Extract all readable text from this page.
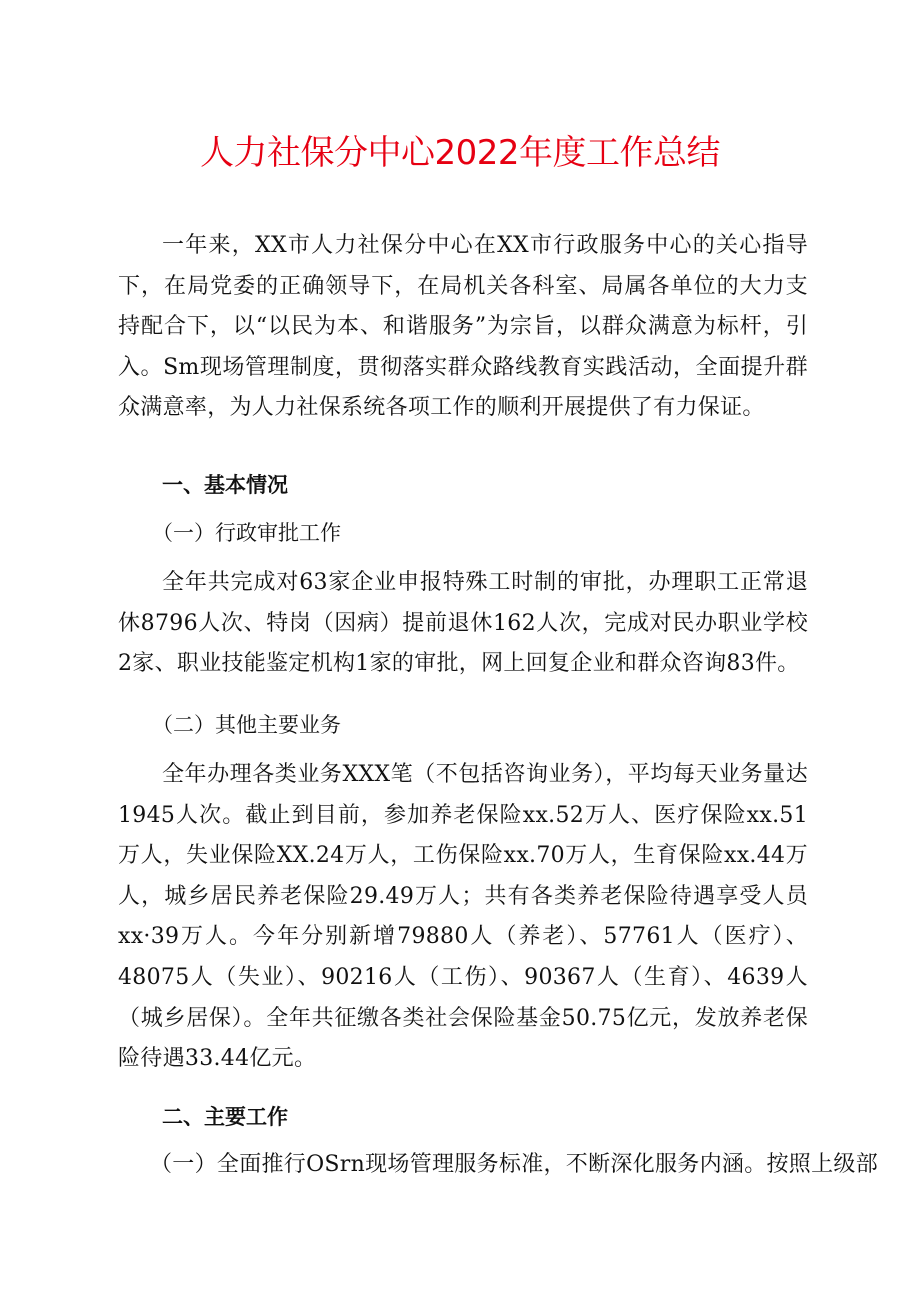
人力社保分中心2022年度工作总结
一年来，XX市人力社保分中心在XX市行政服务中心的关心指导下，在局党委的正确领导下，在局机关各科室、局属各单位的大力支持配合下，以“以民为本、和谐服务”为宗旨，以群众满意为标杆，引入。Sm现场管理制度，贯彻落实群众路线教育实践活动，全面提升群众满意率，为人力社保系统各项工作的顺利开展提供了有力保证。
一、基本情况
（一）行政审批工作
全年共完成对63家企业申报特殊工时制的审批，办理职工正常退休8796人次、特岗（因病）提前退休162人次，完成对民办职业学校2家、职业技能鉴定机构1家的审批，网上回复企业和群众咨询83件。
（二）其他主要业务
全年办理各类业务XXX笔（不包括咨询业务），平均每天业务量达1945人次。截止到目前，参加养老保险xx.52万人、医疗保险xx.51万人，失业保险XX.24万人，工伤保险xx.70万人，生育保险xx.44万人，城乡居民养老保险29.49万人；共有各类养老保险待遇享受人员xx·39万人。今年分别新增79880人（养老）、57761人（医疗）、48075人（失业）、90216人（工伤）、90367人（生育）、4639人（城乡居保）。全年共征缴各类社会保险基金50.75亿元，发放养老保险待遇33.44亿元。
二、主要工作
（一）全面推行OSrn现场管理服务标准，不断深化服务内涵。按照上级部
